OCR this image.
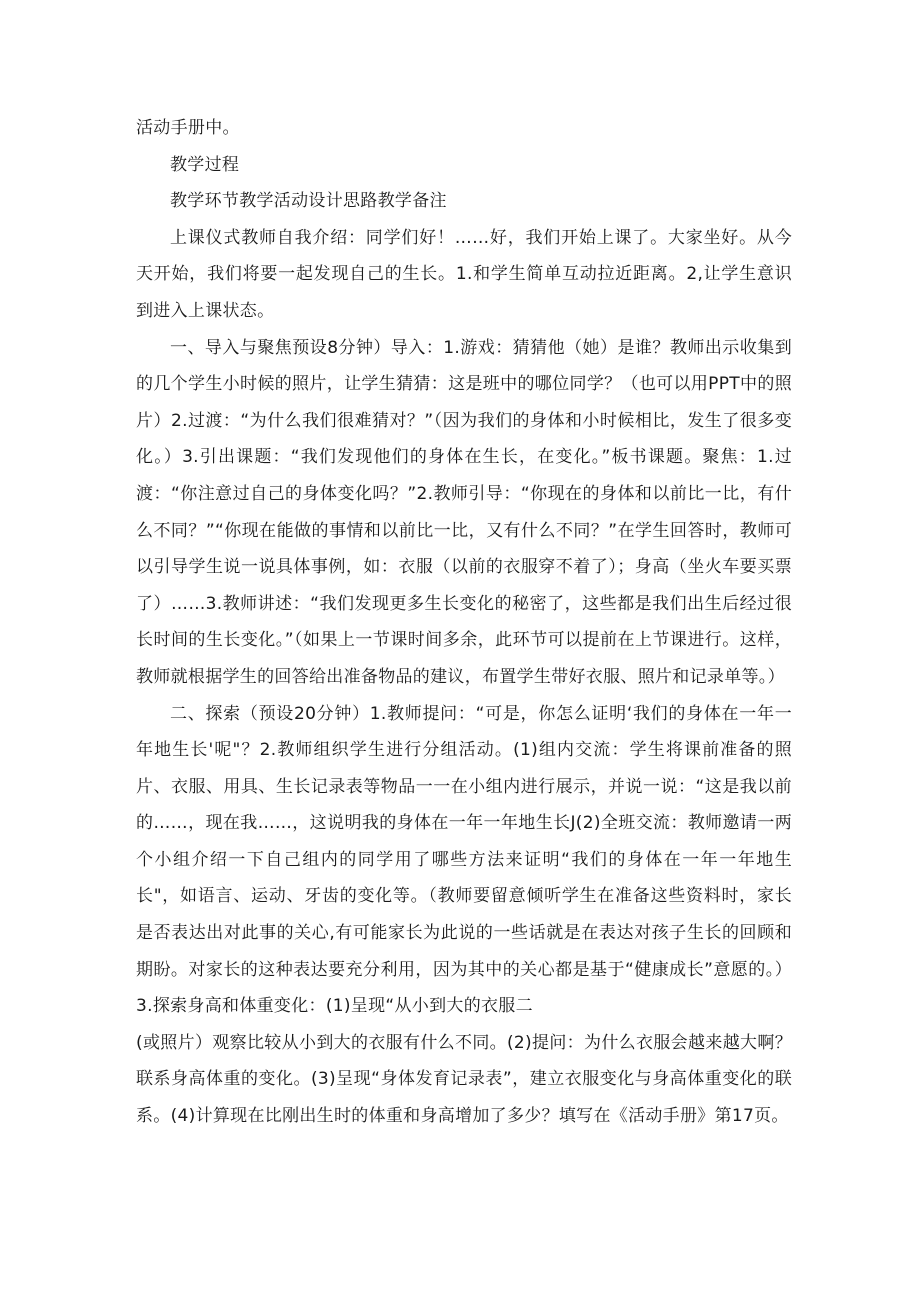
活动手册中。

教学过程

教学环节教学活动设计思路教学备注

上课仪式教师自我介绍：同学们好！……好，我们开始上课了。大家坐好。从今天开始，我们将要一起发现自己的生长。1.和学生简单互动拉近距离。2,让学生意识到进入上课状态。

一、导入与聚焦预设8分钟）导入：1.游戏：猜猜他（她）是谁？教师出示收集到的几个学生小时候的照片，让学生猜猜：这是班中的哪位同学？（也可以用PPT中的照片）2.过渡：“为什么我们很难猜对？”（因为我们的身体和小时候相比，发生了很多变化。）3.引出课题：“我们发现他们的身体在生长，在变化。”板书课题。聚焦：1.过渡：“你注意过自己的身体变化吗？”2.教师引导：“你现在的身体和以前比一比，有什么不同？”“你现在能做的事情和以前比一比，又有什么不同？”在学生回答时，教师可以引导学生说一说具体事例，如：衣服（以前的衣服穿不着了）；身高（坐火车要买票了）……3.教师讲述：“我们发现更多生长变化的秘密了，这些都是我们出生后经过很长时间的生长变化。”（如果上一节课时间多余，此环节可以提前在上节课进行。这样，教师就根据学生的回答给出准备物品的建议，布置学生带好衣服、照片和记录单等。）

二、探索（预设20分钟）1.教师提问：“可是，你怎么证明‘我们的身体在一年一年地生长'呢"？2.教师组织学生进行分组活动。(1)组内交流：学生将课前准备的照片、衣服、用具、生长记录表等物品一一在小组内进行展示，并说一说：“这是我以前的……，现在我……，这说明我的身体在一年一年地生长J(2)全班交流：教师邀请一两个小组介绍一下自己组内的同学用了哪些方法来证明“我们的身体在一年一年地生长"，如语言、运动、牙齿的变化等。（教师要留意倾听学生在准备这些资料时，家长是否表达出对此事的关心,有可能家长为此说的一些话就是在表达对孩子生长的回顾和期盼。对家长的这种表达要充分利用，因为其中的关心都是基于“健康成长”意愿的。）3.探索身高和体重变化：(1)呈现“从小到大的衣服二

(或照片）观察比较从小到大的衣服有什么不同。(2)提问：为什么衣服会越来越大啊？联系身高体重的变化。(3)呈现“身体发育记录表”，建立衣服变化与身高体重变化的联系。(4)计算现在比刚出生时的体重和身高增加了多少？填写在《活动手册》第17页。
